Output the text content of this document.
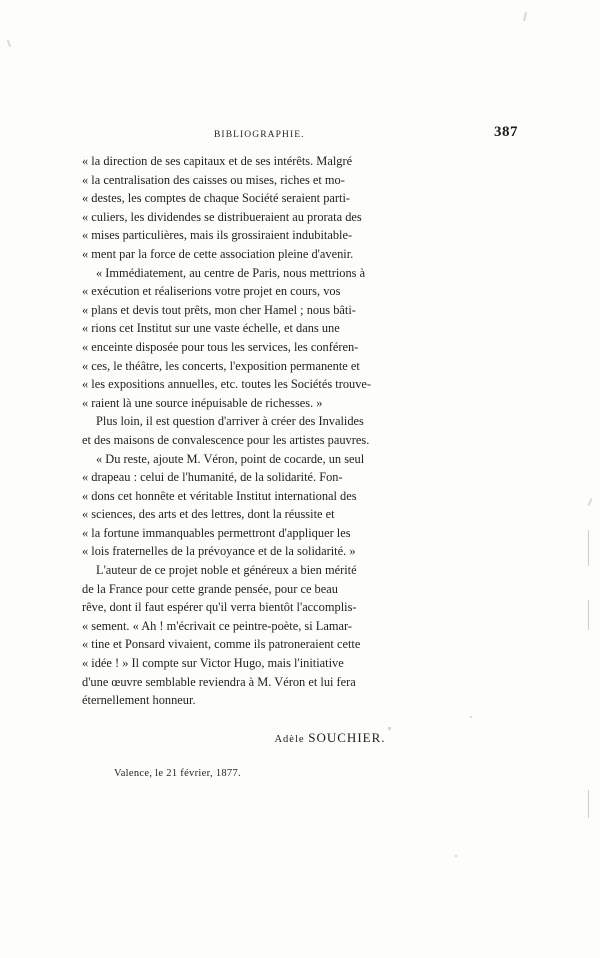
BIBLIOGRAPHIE.	387

« la direction de ses capitaux et de ses intérêts. Malgré
« la centralisation des caisses ou mises, riches et mo-
« destes, les comptes de chaque Société seraient parti-
« culiers, les dividendes se distribueraient au prorata des
« mises particulières, mais ils grossiraient indubitable-
« ment par la force de cette association pleine d'avenir.

« Immédiatement, au centre de Paris, nous mettrions à
« exécution et réaliserions votre projet en cours, vos
« plans et devis tout prêts, mon cher Hamel ; nous bâti-
« rions cet Institut sur une vaste échelle, et dans une
« enceinte disposée pour tous les services, les conféren-
« ces, le théâtre, les concerts, l'exposition permanente et
« les expositions annuelles, etc. toutes les Sociétés trouve-
« raient là une source inépuisable de richesses. »

Plus loin, il est question d'arriver à créer des Invalides
et des maisons de convalescence pour les artistes pauvres.

« Du reste, ajoute M. Véron, point de cocarde, un seul
« drapeau : celui de l'humanité, de la solidarité. Fon-
« dons cet honnête et véritable Institut international des
« sciences, des arts et des lettres, dont la réussite et
« la fortune immanquables permettront d'appliquer les
« lois fraternelles de la prévoyance et de la solidarité. »

L'auteur de ce projet noble et généreux a bien mérité
de la France pour cette grande pensée, pour ce beau
rêve, dont il faut espérer qu'il verra bientôt l'accomplis-
« sement. « Ah ! m'écrivait ce peintre-poète, si Lamar-
« tine et Ponsard vivaient, comme ils patroneraient cette
« idée ! » Il compte sur Victor Hugo, mais l'initiative
d'une œuvre semblable reviendra à M. Véron et lui fera
éternellement honneur.

Adèle SOUCHIER.
Valence, le 21 février, 1877.
